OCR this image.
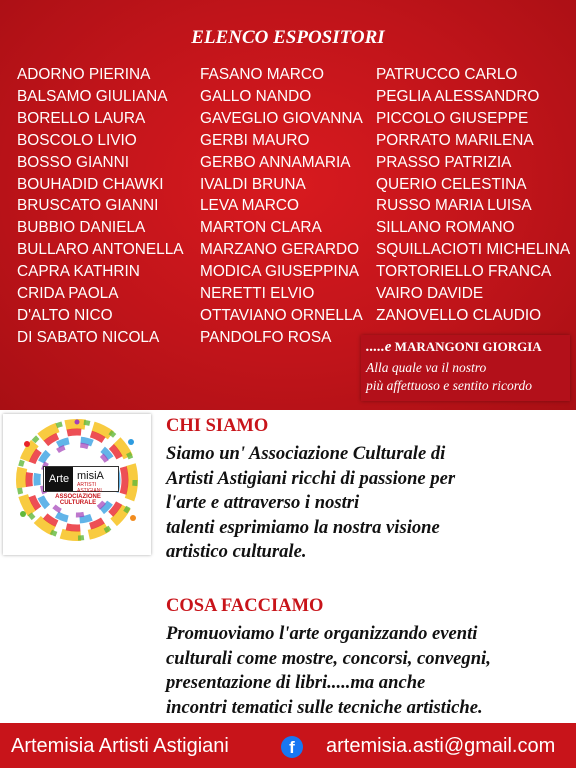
ELENCO ESPOSITORI
ADORNO PIERINA
BALSAMO GIULIANA
BORELLO LAURA
BOSCOLO LIVIO
BOSSO GIANNI
BOUHADID CHAWKI
BRUSCATO GIANNI
BUBBIO DANIELA
BULLARO ANTONELLA
CAPRA KATHRIN
CRIDA PAOLA
D'ALTO NICO
DI SABATO NICOLA
FASANO MARCO
GALLO NANDO
GAVEGLIO GIOVANNA
GERBI MAURO
GERBO ANNAMARIA
IVALDI BRUNA
LEVA MARCO
MARTON CLARA
MARZANO GERARDO
MODICA GIUSEPPINA
NERETTI ELVIO
OTTAVIANO ORNELLA
PANDOLFO ROSA
PATRUCCO CARLO
PEGLIA ALESSANDRO
PICCOLO GIUSEPPE
PORRATO MARILENA
PRASSO PATRIZIA
QUERIO CELESTINA
RUSSO MARIA LUISA
SILLANO ROMANO
SQUILLACIOTI MICHELINA
TORTORIELLO FRANCA
VAIRO DAVIDE
ZANOVELLO CLAUDIO
.....e MARANGONI GIORGIA
Alla quale va il nostro
più affettuoso e sentito ricordo
Arte misiA
ARTISTI ASTIGIANI
ASSOCIAZIONE CULTURALE
CHI SIAMO

Siamo un' Associazione Culturale di

Artisti Astigiani ricchi di passione per

l'arte e attraverso i nostri

talenti esprimiamo la nostra visione

artistico culturale.

COSA FACCIAMO

Promuoviamo l'arte organizzando eventi

culturali come mostre, concorsi, convegni,

presentazione di libri.....ma anche

incontri tematici sulle tecniche artistiche.

Artemisia Artisti Astigiani	f	artemisia.asti@gmail.com
